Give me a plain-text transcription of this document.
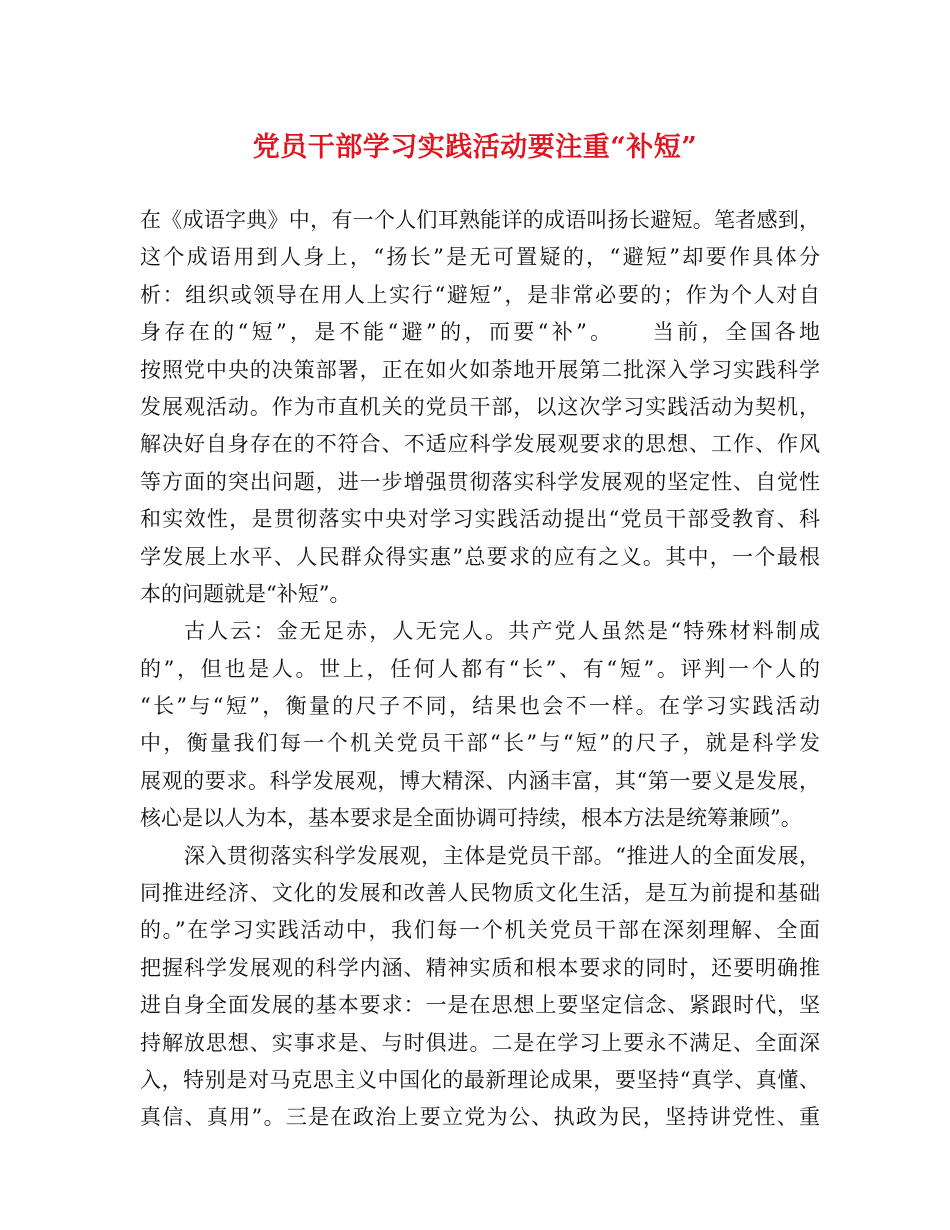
党员干部学习实践活动要注重“补短”
在《成语字典》中，有一个人们耳熟能详的成语叫扬长避短。笔者感到，
这个成语用到人身上，“扬长”是无可置疑的，“避短”却要作具体分
析：组织或领导在用人上实行“避短”，是非常必要的；作为个人对自
身存在的“短”，是不能“避”的，而要“补”。　　当前，全国各地
按照党中央的决策部署，正在如火如荼地开展第二批深入学习实践科学
发展观活动。作为市直机关的党员干部，以这次学习实践活动为契机，
解决好自身存在的不符合、不适应科学发展观要求的思想、工作、作风
等方面的突出问题，进一步增强贯彻落实科学发展观的坚定性、自觉性
和实效性，是贯彻落实中央对学习实践活动提出“党员干部受教育、科
学发展上水平、人民群众得实惠”总要求的应有之义。其中，一个最根
本的问题就是“补短”。
古人云：金无足赤，人无完人。共产党人虽然是“特殊材料制成
的”，但也是人。世上，任何人都有“长”、有“短”。评判一个人的
“长”与“短”，衡量的尺子不同，结果也会不一样。在学习实践活动
中，衡量我们每一个机关党员干部“长”与“短”的尺子，就是科学发
展观的要求。科学发展观，博大精深、内涵丰富，其“第一要义是发展，
核心是以人为本，基本要求是全面协调可持续，根本方法是统筹兼顾”。
深入贯彻落实科学发展观，主体是党员干部。“推进人的全面发展，
同推进经济、文化的发展和改善人民物质文化生活，是互为前提和基础
的。”在学习实践活动中，我们每一个机关党员干部在深刻理解、全面
把握科学发展观的科学内涵、精神实质和根本要求的同时，还要明确推
进自身全面发展的基本要求：一是在思想上要坚定信念、紧跟时代，坚
持解放思想、实事求是、与时俱进。二是在学习上要永不满足、全面深
入，特别是对马克思主义中国化的最新理论成果，要坚持“真学、真懂、
真信、真用”。三是在政治上要立党为公、执政为民，坚持讲党性、重
